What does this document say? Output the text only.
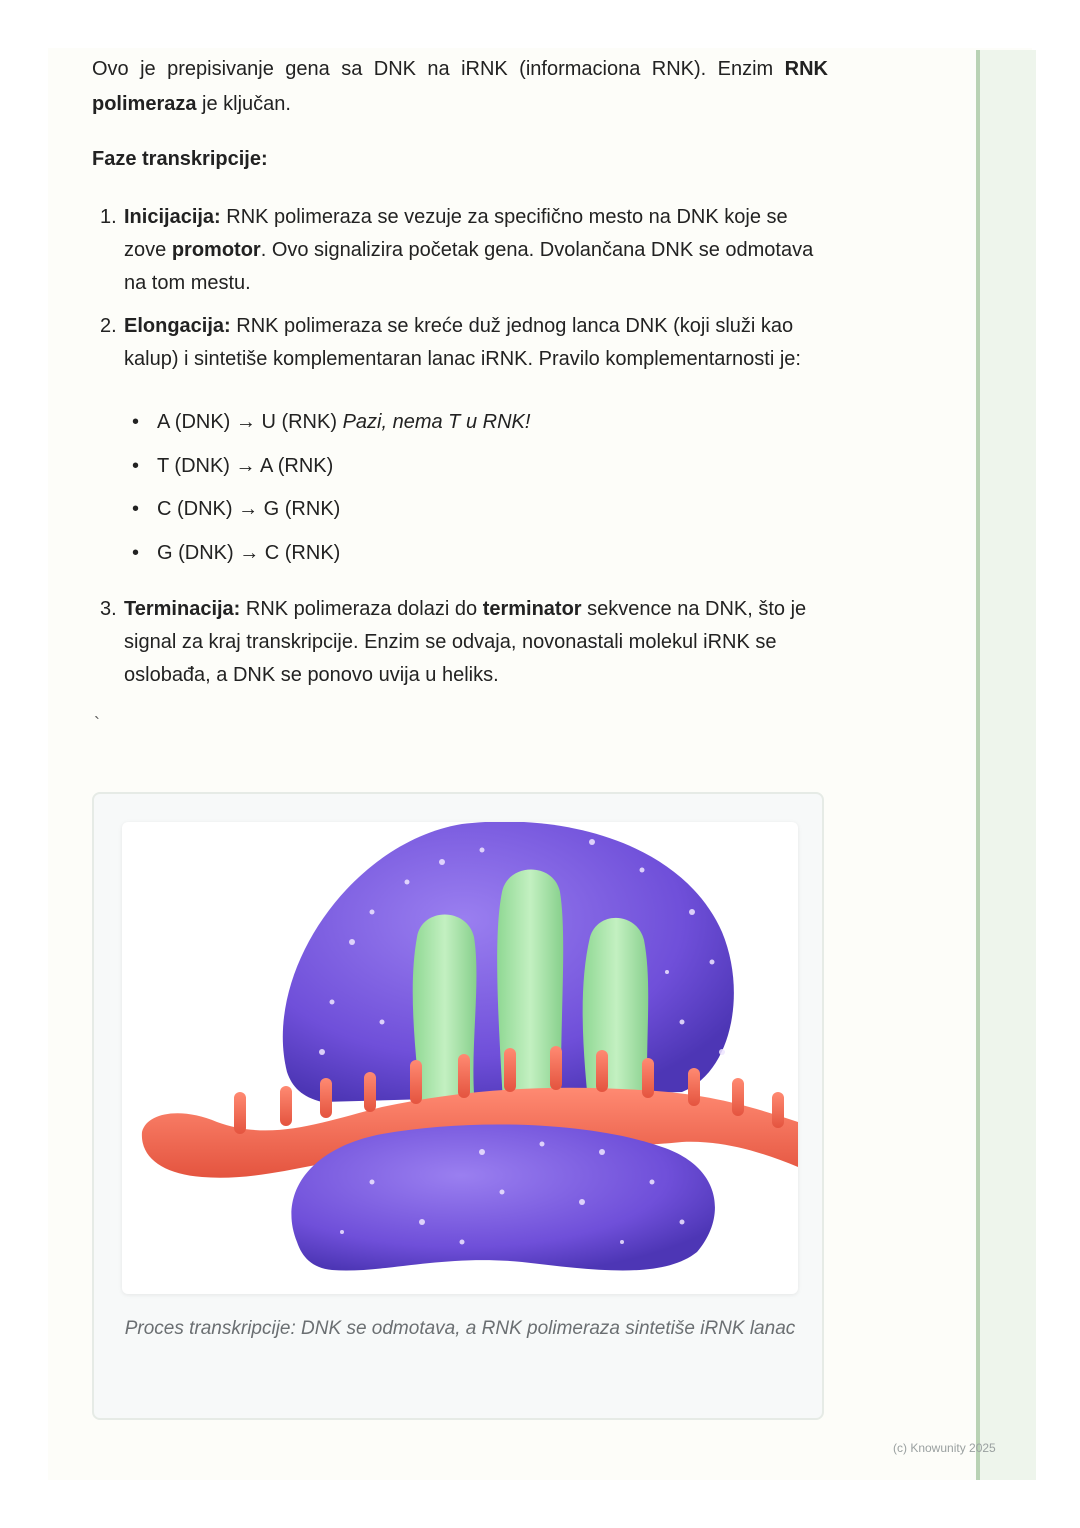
Ovo je prepisivanje gena sa DNK na iRNK (informaciona RNK). Enzim RNK polimeraza je ključan.

Faze transkripcije:
1. Inicijacija: RNK polimeraza se vezuje za specifično mesto na DNK koje se zove promotor. Ovo signalizira početak gena. Dvolančana DNK se odmotava na tom mestu.
2. Elongacija: RNK polimeraza se kreće duž jednog lanca DNK (koji služi kao kalup) i sintetiše komplementaran lanac iRNK. Pravilo komplementarnosti je:
3. Terminacija: RNK polimeraza dolazi do terminator sekvence na DNK, što je signal za kraj transkripcije. Enzim se odvaja, novonastali molekul iRNK se oslobađa, a DNK se ponovo uvija u heliks.
• A (DNK) → U (RNK) Pazi, nema T u RNK!
• T (DNK) → A (RNK)
• C (DNK) → G (RNK)
• G (DNK) → C (RNK)
`
Proces transkripcije: DNK se odmotava, a RNK polimeraza sintetiše iRNK lanac
(c) Knowunity 2025
